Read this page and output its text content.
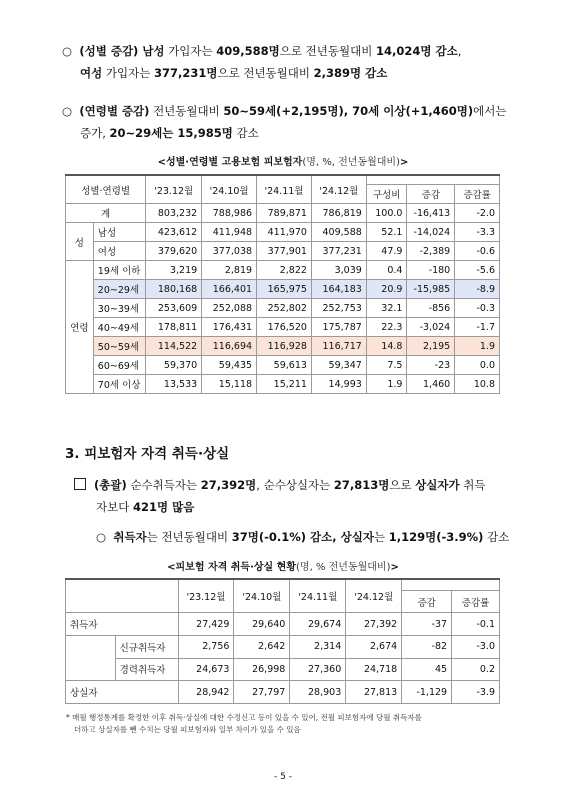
○ (성별 증감) 남성 가입자는 409,588명으로 전년동월대비 14,024명 감소,
여성 가입자는 377,231명으로 전년동월대비 2,389명 감소
○ (연령별 증감) 전년동월대비 50~59세(+2,195명), 70세 이상(+1,460명)에서는
증가, 20~29세는 15,985명 감소
<성별·연령별 고용보험 피보험자(명, %, 전년동월대비)>
성별·연령별		'23.12월	'24.10월	'24.11월	'24.12월			
						구성비	증감	증감률
계		803,232	788,986	789,871	786,819	100.0	-16,413	-2.0
성	남성	423,612	411,948	411,970	409,588	52.1	-14,024	-3.3
	여성	379,620	377,038	377,901	377,231	47.9	-2,389	-0.6
연령	19세 이하	3,219	2,819	2,822	3,039	0.4	-180	-5.6
	20~29세	180,168	166,401	165,975	164,183	20.9	-15,985	-8.9
	30~39세	253,609	252,088	252,802	252,753	32.1	-856	-0.3
	40~49세	178,811	176,431	176,520	175,787	22.3	-3,024	-1.7
	50~59세	114,522	116,694	116,928	116,717	14.8	2,195	1.9
	60~69세	59,370	59,435	59,613	59,347	7.5	-23	0.0
	70세 이상	13,533	15,118	15,211	14,993	1.9	1,460	10.8
3. 피보험자 자격 취득·상실
(총괄) 순수취득자는 27,392명, 순수상실자는 27,813명으로 상실자가 취득
자보다 421명 많음
○ 취득자는 전년동월대비 37명(-0.1%) 감소, 상실자는 1,129명(-3.9%) 감소
<피보험 자격 취득·상실 현황(명, % 전년동월대비)>
		'23.12월	'24.10월	'24.11월	'24.12월		
						증감	증감률
취득자		27,429	29,640	29,674	27,392	-37	-0.1
	신규취득자	2,756	2,642	2,314	2,674	-82	-3.0
	경력취득자	24,673	26,998	27,360	24,718	45	0.2
상실자		28,942	27,797	28,903	27,813	-1,129	-3.9
* 매월 행정통계를 확정한 이후 취득·상실에 대한 수정신고 등이 있을 수 있어, 전월 피보험자에 당월 취득자를
더하고 상실자를 뺀 수치는 당월 피보험자와 일부 차이가 있을 수 있음
- 5 -
